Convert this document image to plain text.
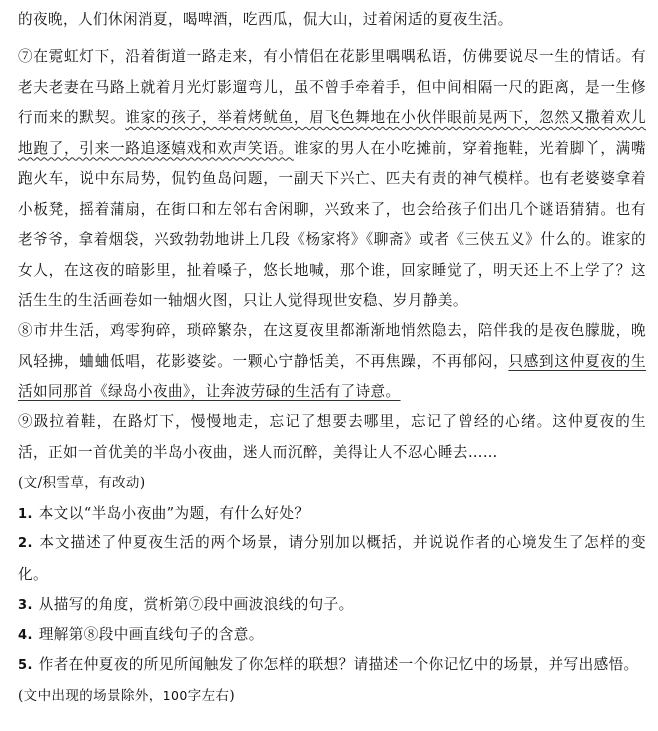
的夜晚，人们休闲消夏，喝啤酒，吃西瓜，侃大山，过着闲适的夏夜生活。
⑦在霓虹灯下，沿着街道一路走来，有小情侣在花影里喁喁私语，仿佛要说尽一生的情话。有老夫老妻在马路上就着月光灯影遛弯儿，虽不曾手牵着手，但中间相隔一尺的距离，是一生修行而来的默契。谁家的孩子，举着烤鱿鱼，眉飞色舞地在小伙伴眼前晃两下，忽然又撒着欢儿地跑了，引来一路追逐嬉戏和欢声笑语。谁家的男人在小吃摊前，穿着拖鞋，光着脚丫，满嘴跑火车，说中东局势，侃钓鱼岛问题，一副天下兴亡、匹夫有责的神气模样。也有老婆婆拿着小板凳，摇着蒲扇，在街口和左邻右舍闲聊，兴致来了，也会给孩子们出几个谜语猜猜。也有老爷爷，拿着烟袋，兴致勃勃地讲上几段《杨家将》《聊斋》或者《三侠五义》什么的。谁家的女人，在这夜的暗影里，扯着嗓子，悠长地喊，那个谁，回家睡觉了，明天还上不上学了？这活生生的生活画卷如一轴烟火图，只让人觉得现世安稳、岁月静美。
⑧市井生活，鸡零狗碎，琐碎繁杂，在这夏夜里都渐渐地悄然隐去，陪伴我的是夜色朦胧，晚风轻拂，蛐蛐低唱，花影婆娑。一颗心宁静恬美，不再焦躁，不再郁闷，只感到这仲夏夜的生活如同那首《绿岛小夜曲》，让奔波劳碌的生活有了诗意。
⑨趿拉着鞋，在路灯下，慢慢地走，忘记了想要去哪里，忘记了曾经的心绪。这仲夏夜的生活，正如一首优美的半岛小夜曲，迷人而沉醉，美得让人不忍心睡去……
(文/积雪草，有改动)
1. 本文以“半岛小夜曲”为题，有什么好处？
2. 本文描述了仲夏夜生活的两个场景，请分别加以概括，并说说作者的心境发生了怎样的变化。
3. 从描写的角度，赏析第⑦段中画波浪线的句子。
4. 理解第⑧段中画直线句子的含意。
5. 作者在仲夏夜的所见所闻触发了你怎样的联想？请描述一个你记忆中的场景，并写出感悟。
(文中出现的场景除外，100字左右)
